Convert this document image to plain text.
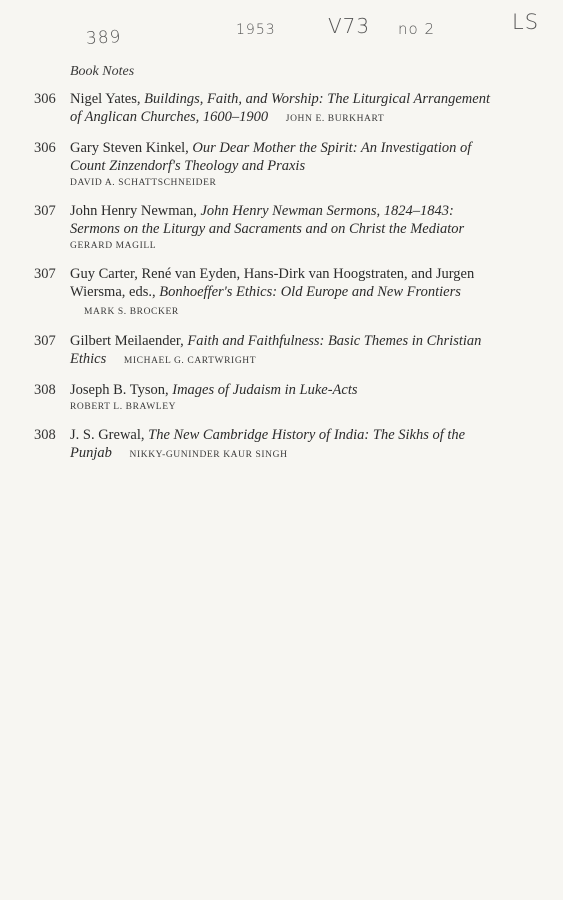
389	1953	V73 no 2	LS
Book Notes
306 Nigel Yates, Buildings, Faith, and Worship: The Liturgical Arrangement of Anglican Churches, 1600–1900 JOHN E. BURKHART
306 Gary Steven Kinkel, Our Dear Mother the Spirit: An Investigation of Count Zinzendorf's Theology and Praxis
DAVID A. SCHATTSCHNEIDER
307 John Henry Newman, John Henry Newman Sermons, 1824–1843: Sermons on the Liturgy and Sacraments and on Christ the Mediator
GERARD MAGILL
307 Guy Carter, René van Eyden, Hans-Dirk van Hoogstraten, and Jurgen Wiersma, eds., Bonhoeffer's Ethics: Old Europe and New Frontiers MARK S. BROCKER
307 Gilbert Meilaender, Faith and Faithfulness: Basic Themes in Christian Ethics MICHAEL G. CARTWRIGHT
308 Joseph B. Tyson, Images of Judaism in Luke-Acts
ROBERT L. BRAWLEY
308 J. S. Grewal, The New Cambridge History of India: The Sikhs of the Punjab NIKKY-GUNINDER KAUR SINGH
